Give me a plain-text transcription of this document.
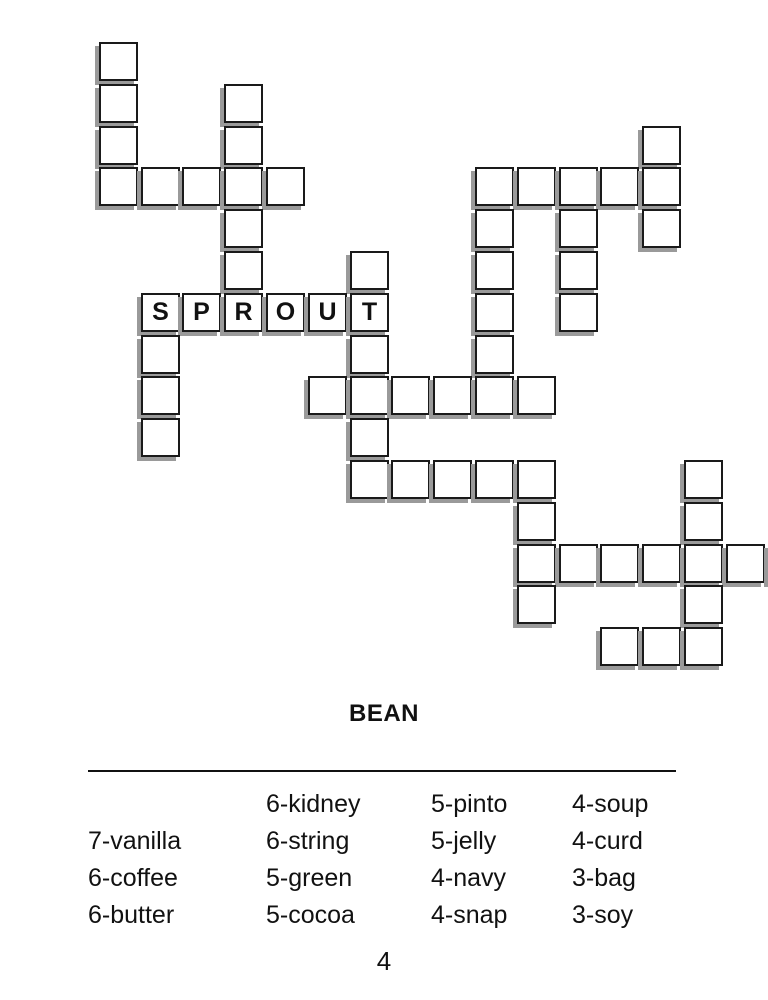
S P R O U	T
BEAN
7-vanilla
6-coffee
6-butter
6-kidney
6-string
5-green
5-cocoa
5-pinto
5-jelly
4-navy
4-snap
4-soup
4-curd
3-bag
3-soy
4
